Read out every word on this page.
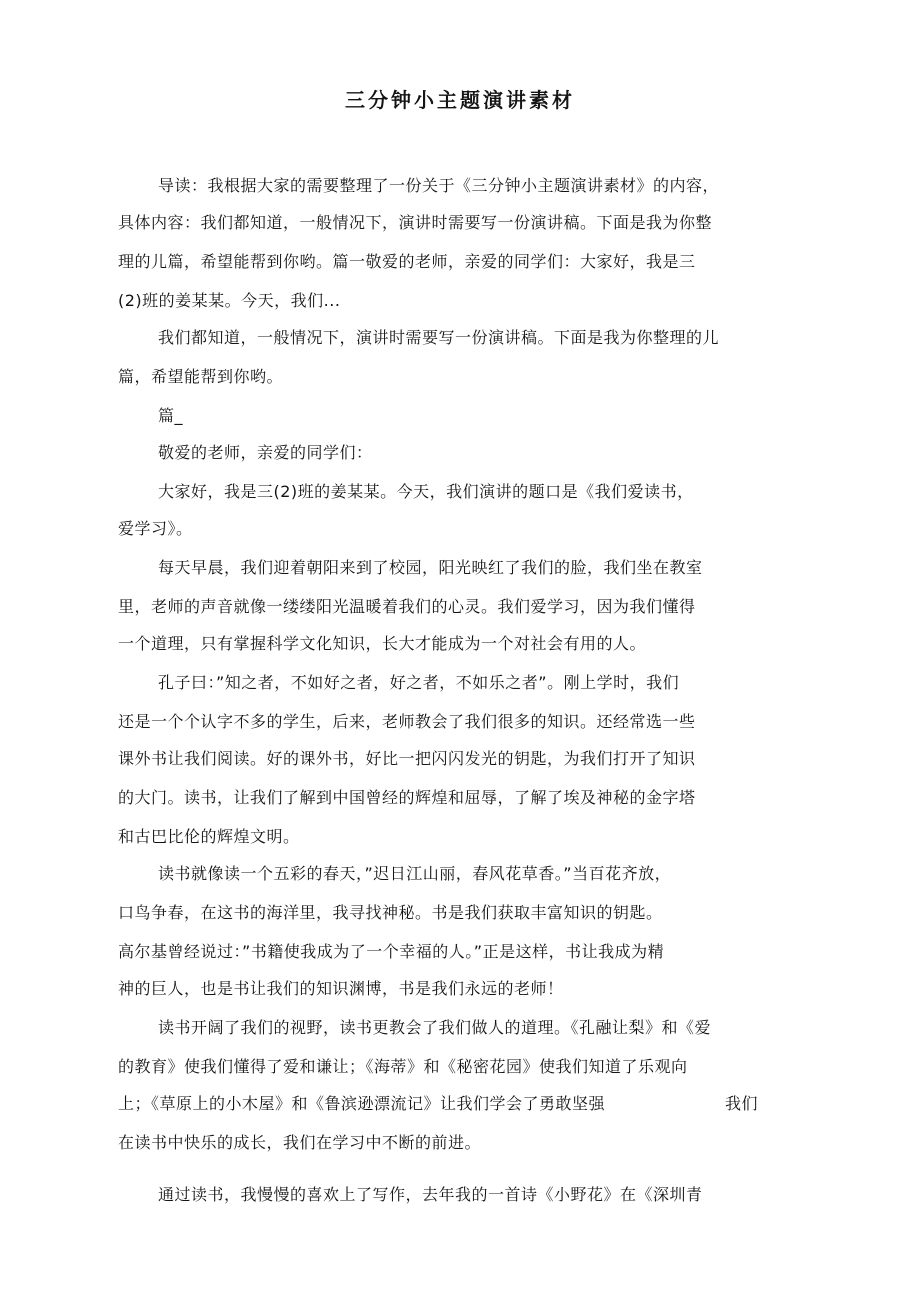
三分钟小主题演讲素材

导读：我根据大家的需要整理了一份关于《三分钟小主题演讲素材》的内容，

具体内容：我们都知道，一般情况下，演讲时需要写一份演讲稿。下面是我为你整

理的儿篇，希望能帮到你哟。篇一敬爱的老师，亲爱的同学们：大家好，我是三

(2)班的姜某某。今天，我们...

我们都知道，一般情况下，演讲时需要写一份演讲稿。下面是我为你整理的儿

篇，希望能帮到你哟。

篇_

敬爱的老师，亲爱的同学们：

大家好，我是三(2)班的姜某某。今天，我们演讲的题口是《我们爱读书，

爱学习》。

每天早晨，我们迎着朝阳来到了校园，阳光映红了我们的脸，我们坐在教室

里，老师的声音就像一缕缕阳光温暖着我们的心灵。我们爱学习，因为我们懂得

一个道理，只有掌握科学文化知识，长大才能成为一个对社会有用的人。

孔子曰：”知之者，不如好之者，好之者，不如乐之者”。刚上学时，我们

还是一个个认字不多的学生，后来，老师教会了我们很多的知识。还经常选一些

课外书让我们阅读。好的课外书，好比一把闪闪发光的钥匙，为我们打开了知识

的大门。读书，让我们了解到中国曾经的辉煌和屈辱，了解了埃及神秘的金字塔

和古巴比伦的辉煌文明。

读书就像读一个五彩的春天，”迟日江山丽，春风花草香。”当百花齐放，

口鸟争春，在这书的海洋里，我寻找神秘。书是我们获取丰富知识的钥匙。

高尔基曾经说过：”书籍使我成为了一个幸福的人。”正是这样，书让我成为精

神的巨人，也是书让我们的知识渊博，书是我们永远的老师！

读书开阔了我们的视野，读书更教会了我们做人的道理。《孔融让梨》和《爱

的教育》使我们懂得了爱和谦让；《海蒂》和《秘密花园》使我们知道了乐观向

上；《草原上的小木屋》和《鲁滨逊漂流记》让我们学会了勇敢坚强	我们

在读书中快乐的成长，我们在学习中不断的前进。

通过读书，我慢慢的喜欢上了写作，去年我的一首诗《小野花》在《深圳青
